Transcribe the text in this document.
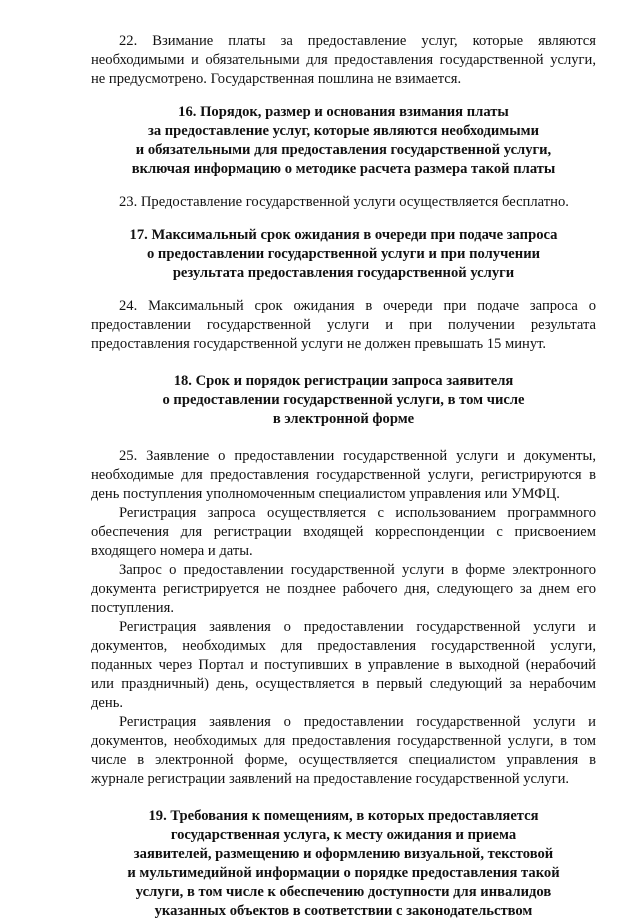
22. Взимание платы за предоставление услуг, которые являются необходимыми и обязательными для предоставления государственной услуги, не предусмотрено. Государственная пошлина не взимается.

16. Порядок, размер и основания взимания платы
за предоставление услуг, которые являются необходимыми
и обязательными для предоставления государственной услуги,
включая информацию о методике расчета размера такой платы

23. Предоставление государственной услуги осуществляется бесплатно.

17. Максимальный срок ожидания в очереди при подаче запроса
о предоставлении государственной услуги и при получении
результата предоставления государственной услуги

24. Максимальный срок ожидания в очереди при подаче запроса о предоставлении государственной услуги и при получении результата предоставления государственной услуги не должен превышать 15 минут.

18. Срок и порядок регистрации запроса заявителя
о предоставлении государственной услуги, в том числе
в электронной форме

25. Заявление о предоставлении государственной услуги и документы, необходимые для предоставления государственной услуги, регистрируются в день поступления уполномоченным специалистом управления или УМФЦ.

Регистрация запроса осуществляется с использованием программного обеспечения для регистрации входящей корреспонденции с присвоением входящего номера и даты.

Запрос о предоставлении государственной услуги в форме электронного документа регистрируется не позднее рабочего дня, следующего за днем его поступления.

Регистрация заявления о предоставлении государственной услуги и документов, необходимых для предоставления государственной услуги, поданных через Портал и поступивших в управление в выходной (нерабочий или праздничный) день, осуществляется в первый следующий за нерабочим день.

Регистрация заявления о предоставлении государственной услуги и документов, необходимых для предоставления государственной услуги, в том числе в электронной форме, осуществляется специалистом управления в журнале регистрации заявлений на предоставление государственной услуги.

19. Требования к помещениям, в которых предоставляется
государственная услуга, к месту ожидания и приема
заявителей, размещению и оформлению визуальной, текстовой
и мультимедийной информации о порядке предоставления такой
услуги, в том числе к обеспечению доступности для инвалидов
указанных объектов в соответствии с законодательством
